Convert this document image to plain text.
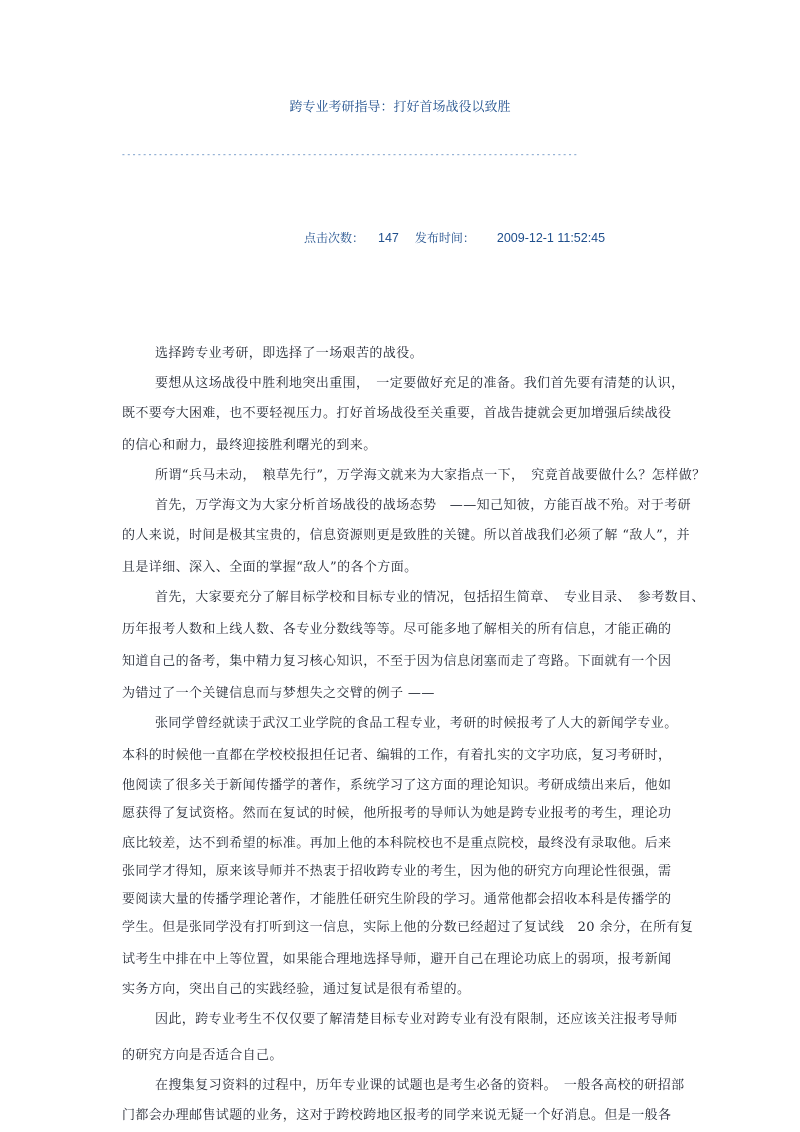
跨专业考研指导：打好首场战役以致胜
--------------------------------------------------------------------------------------
点击次数： 147 发布时间： 2009-12-1 11:52:45
选择跨专业考研，即选择了一场艰苦的战役。
要想从这场战役中胜利地突出重围，　一定要做好充足的准备。我们首先要有清楚的认识，
既不要夸大困难，也不要轻视压力。打好首场战役至关重要，首战告捷就会更加增强后续战役
的信心和耐力，最终迎接胜利曙光的到来。
所谓“兵马未动，　粮草先行”，万学海文就来为大家指点一下，　究竟首战要做什么？怎样做？
首先，万学海文为大家分析首场战役的战场态势　——知己知彼，方能百战不殆。对于考研
的人来说，时间是极其宝贵的，信息资源则更是致胜的关键。所以首战我们必须了解 “敌人”，并
且是详细、深入、全面的掌握“敌人”的各个方面。
首先，大家要充分了解目标学校和目标专业的情况，包括招生简章、　专业目录、　参考数目、
历年报考人数和上线人数、各专业分数线等等。尽可能多地了解相关的所有信息，才能正确的
知道自己的备考，集中精力复习核心知识，不至于因为信息闭塞而走了弯路。下面就有一个因
为错过了一个关键信息而与梦想失之交臂的例子 ——
张同学曾经就读于武汉工业学院的食品工程专业，考研的时候报考了人大的新闻学专业。
本科的时候他一直都在学校校报担任记者、编辑的工作，有着扎实的文字功底，复习考研时，
他阅读了很多关于新闻传播学的著作，系统学习了这方面的理论知识。考研成绩出来后，他如
愿获得了复试资格。然而在复试的时候，他所报考的导师认为她是跨专业报考的考生，理论功
底比较差，达不到希望的标准。再加上他的本科院校也不是重点院校，最终没有录取他。后来
张同学才得知，原来该导师并不热衷于招收跨专业的考生，因为他的研究方向理论性很强，需
要阅读大量的传播学理论著作，才能胜任研究生阶段的学习。通常他都会招收本科是传播学的
学生。但是张同学没有打听到这一信息，实际上他的分数已经超过了复试线　20 余分，在所有复
试考生中排在中上等位置，如果能合理地选择导师，避开自己在理论功底上的弱项，报考新闻
实务方向，突出自己的实践经验，通过复试是很有希望的。
因此，跨专业考生不仅仅要了解清楚目标专业对跨专业有没有限制，还应该关注报考导师
的研究方向是否适合自己。
在搜集复习资料的过程中，历年专业课的试题也是考生必备的资料。　一般各高校的研招部
门都会办理邮售试题的业务，这对于跨校跨地区报考的同学来说无疑一个好消息。但是一般各
